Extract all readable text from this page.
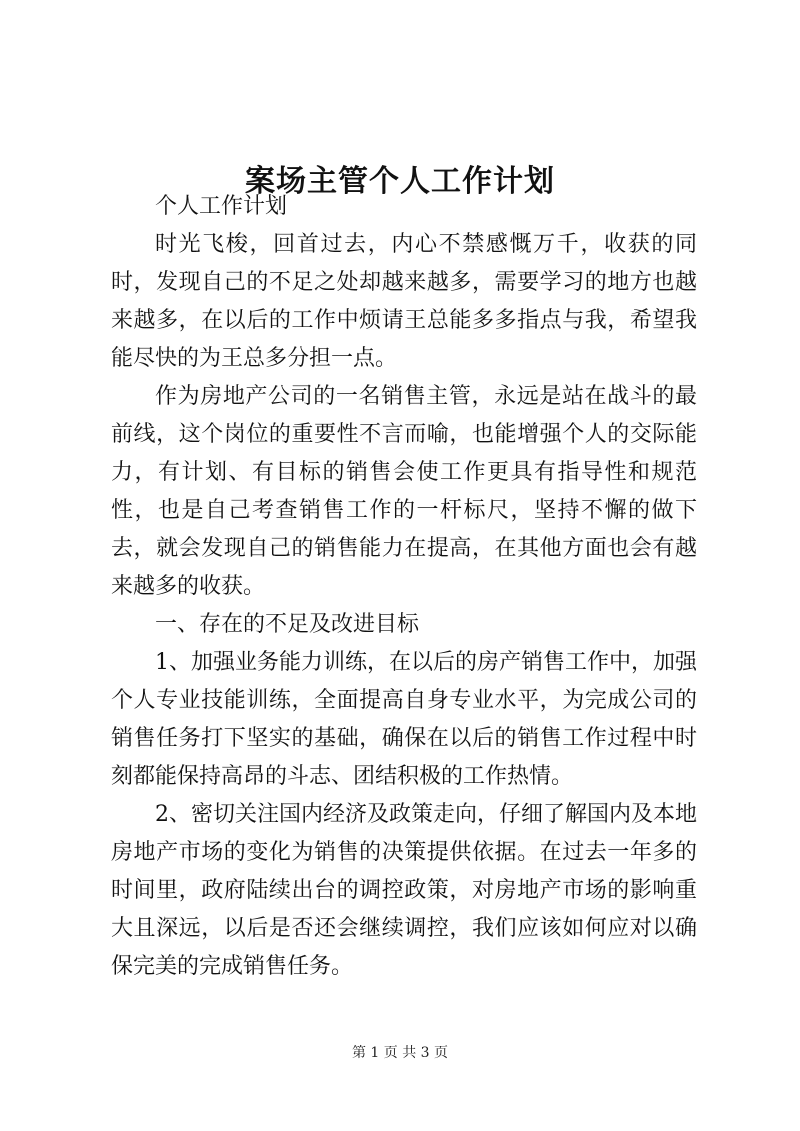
案场主管个人工作计划

个人工作计划

时光飞梭，回首过去，内心不禁感慨万千，收获的同时，发现自己的不足之处却越来越多，需要学习的地方也越来越多，在以后的工作中烦请王总能多多指点与我，希望我能尽快的为王总多分担一点。

作为房地产公司的一名销售主管，永远是站在战斗的最前线，这个岗位的重要性不言而喻，也能增强个人的交际能力，有计划、有目标的销售会使工作更具有指导性和规范性，也是自己考查销售工作的一杆标尺，坚持不懈的做下去，就会发现自己的销售能力在提高，在其他方面也会有越来越多的收获。

一、存在的不足及改进目标

1、加强业务能力训练，在以后的房产销售工作中，加强个人专业技能训练，全面提高自身专业水平，为完成公司的销售任务打下坚实的基础，确保在以后的销售工作过程中时刻都能保持高昂的斗志、团结积极的工作热情。

2、密切关注国内经济及政策走向，仔细了解国内及本地房地产市场的变化为销售的决策提供依据。在过去一年多的时间里，政府陆续出台的调控政策，对房地产市场的影响重大且深远，以后是否还会继续调控，我们应该如何应对以确保完美的完成销售任务。

第 1 页 共 3 页
